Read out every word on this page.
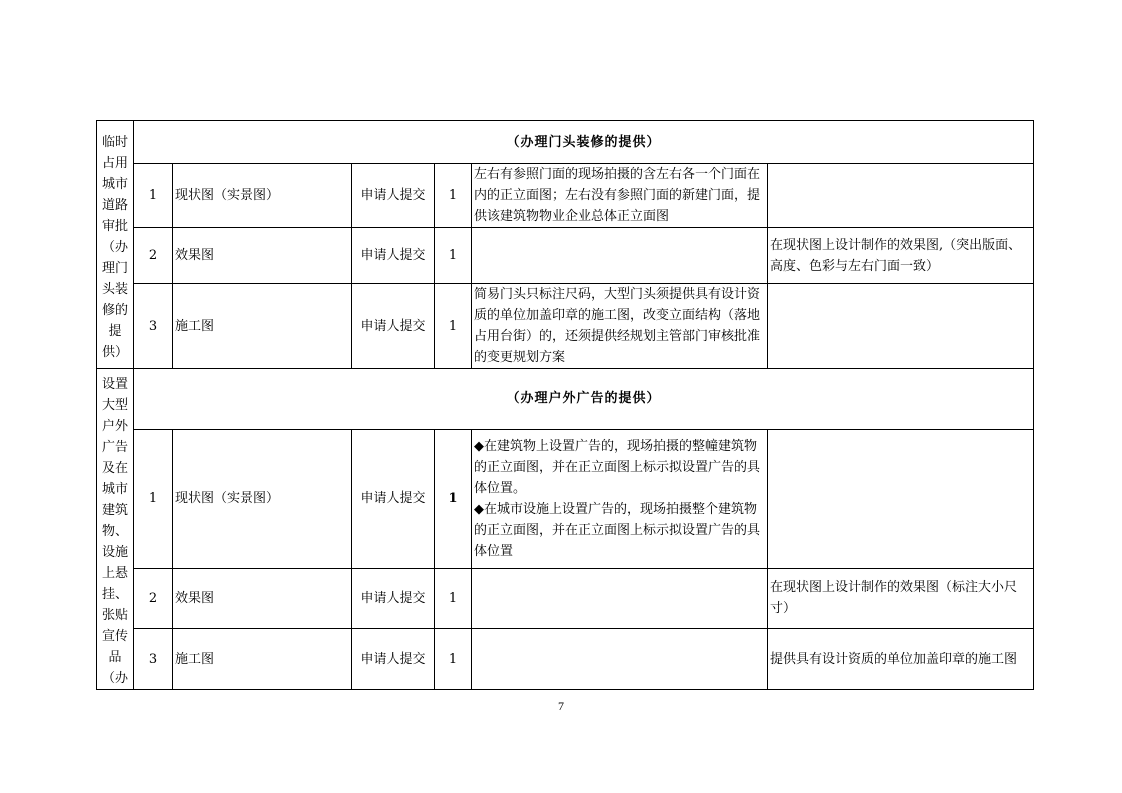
临时占用城市道路审批（办理门头装修的提供）	（办理门头装修的提供）					
	1	现状图（实景图）	申请人提交	1	左右有参照门面的现场拍摄的含左右各一个门面在内的正立面图；左右没有参照门面的新建门面，提供该建筑物物业企业总体正立面图	
	2	效果图	申请人提交	1		在现状图上设计制作的效果图,（突出版面、高度、色彩与左右门面一致）
	3	施工图	申请人提交	1	简易门头只标注尺码，大型门头须提供具有设计资质的单位加盖印章的施工图，改变立面结构（落地占用台街）的，还须提供经规划主管部门审核批准的变更规划方案	

设置大型户外广告及在城市建筑物、设施上悬挂、张贴宣传品（办	（办理户外广告的提供）					
	1	现状图（实景图）	申请人提交	1	◆在建筑物上设置广告的，现场拍摄的整幢建筑物的正立面图，并在正立面图上标示拟设置广告的具体位置。
◆在城市设施上设置广告的，现场拍摄整个建筑物的正立面图，并在正立面图上标示拟设置广告的具体位置	

	2	效果图	申请人提交	1		在现状图上设计制作的效果图（标注大小尺寸）
	3	施工图	申请人提交	1		提供具有设计资质的单位加盖印章的施工图
7
